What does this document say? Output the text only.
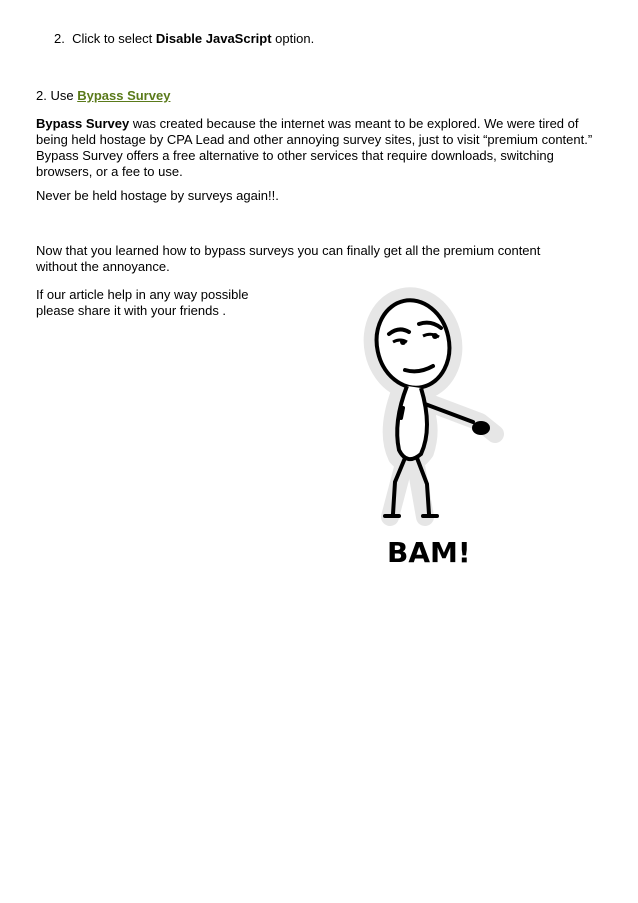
2. Click to select Disable JavaScript option.
2. Use Bypass Survey
Bypass Survey was created because the internet was meant to be explored. We were tired of being held hostage by CPA Lead and other annoying survey sites, just to visit “premium content.” Bypass Survey offers a free alternative to other services that require downloads, switching browsers, or a fee to use.
Never be held hostage by surveys again!!.
Now that you learned how to bypass surveys you can finally get all the premium content without the annoyance.
If our article help in any way possible
please share it with your friends .
BAM!
